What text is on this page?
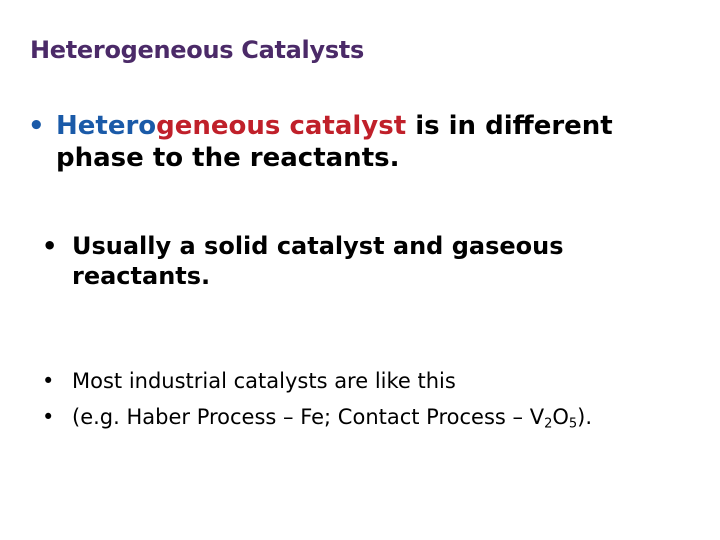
Heterogeneous Catalysts
• Heterogeneous catalyst is in different
phase to the reactants.
• Usually a solid catalyst and gaseous reactants.
• Most industrial catalysts are like this
• (e.g. Haber Process – Fe; Contact Process – $V_2O_5$).
